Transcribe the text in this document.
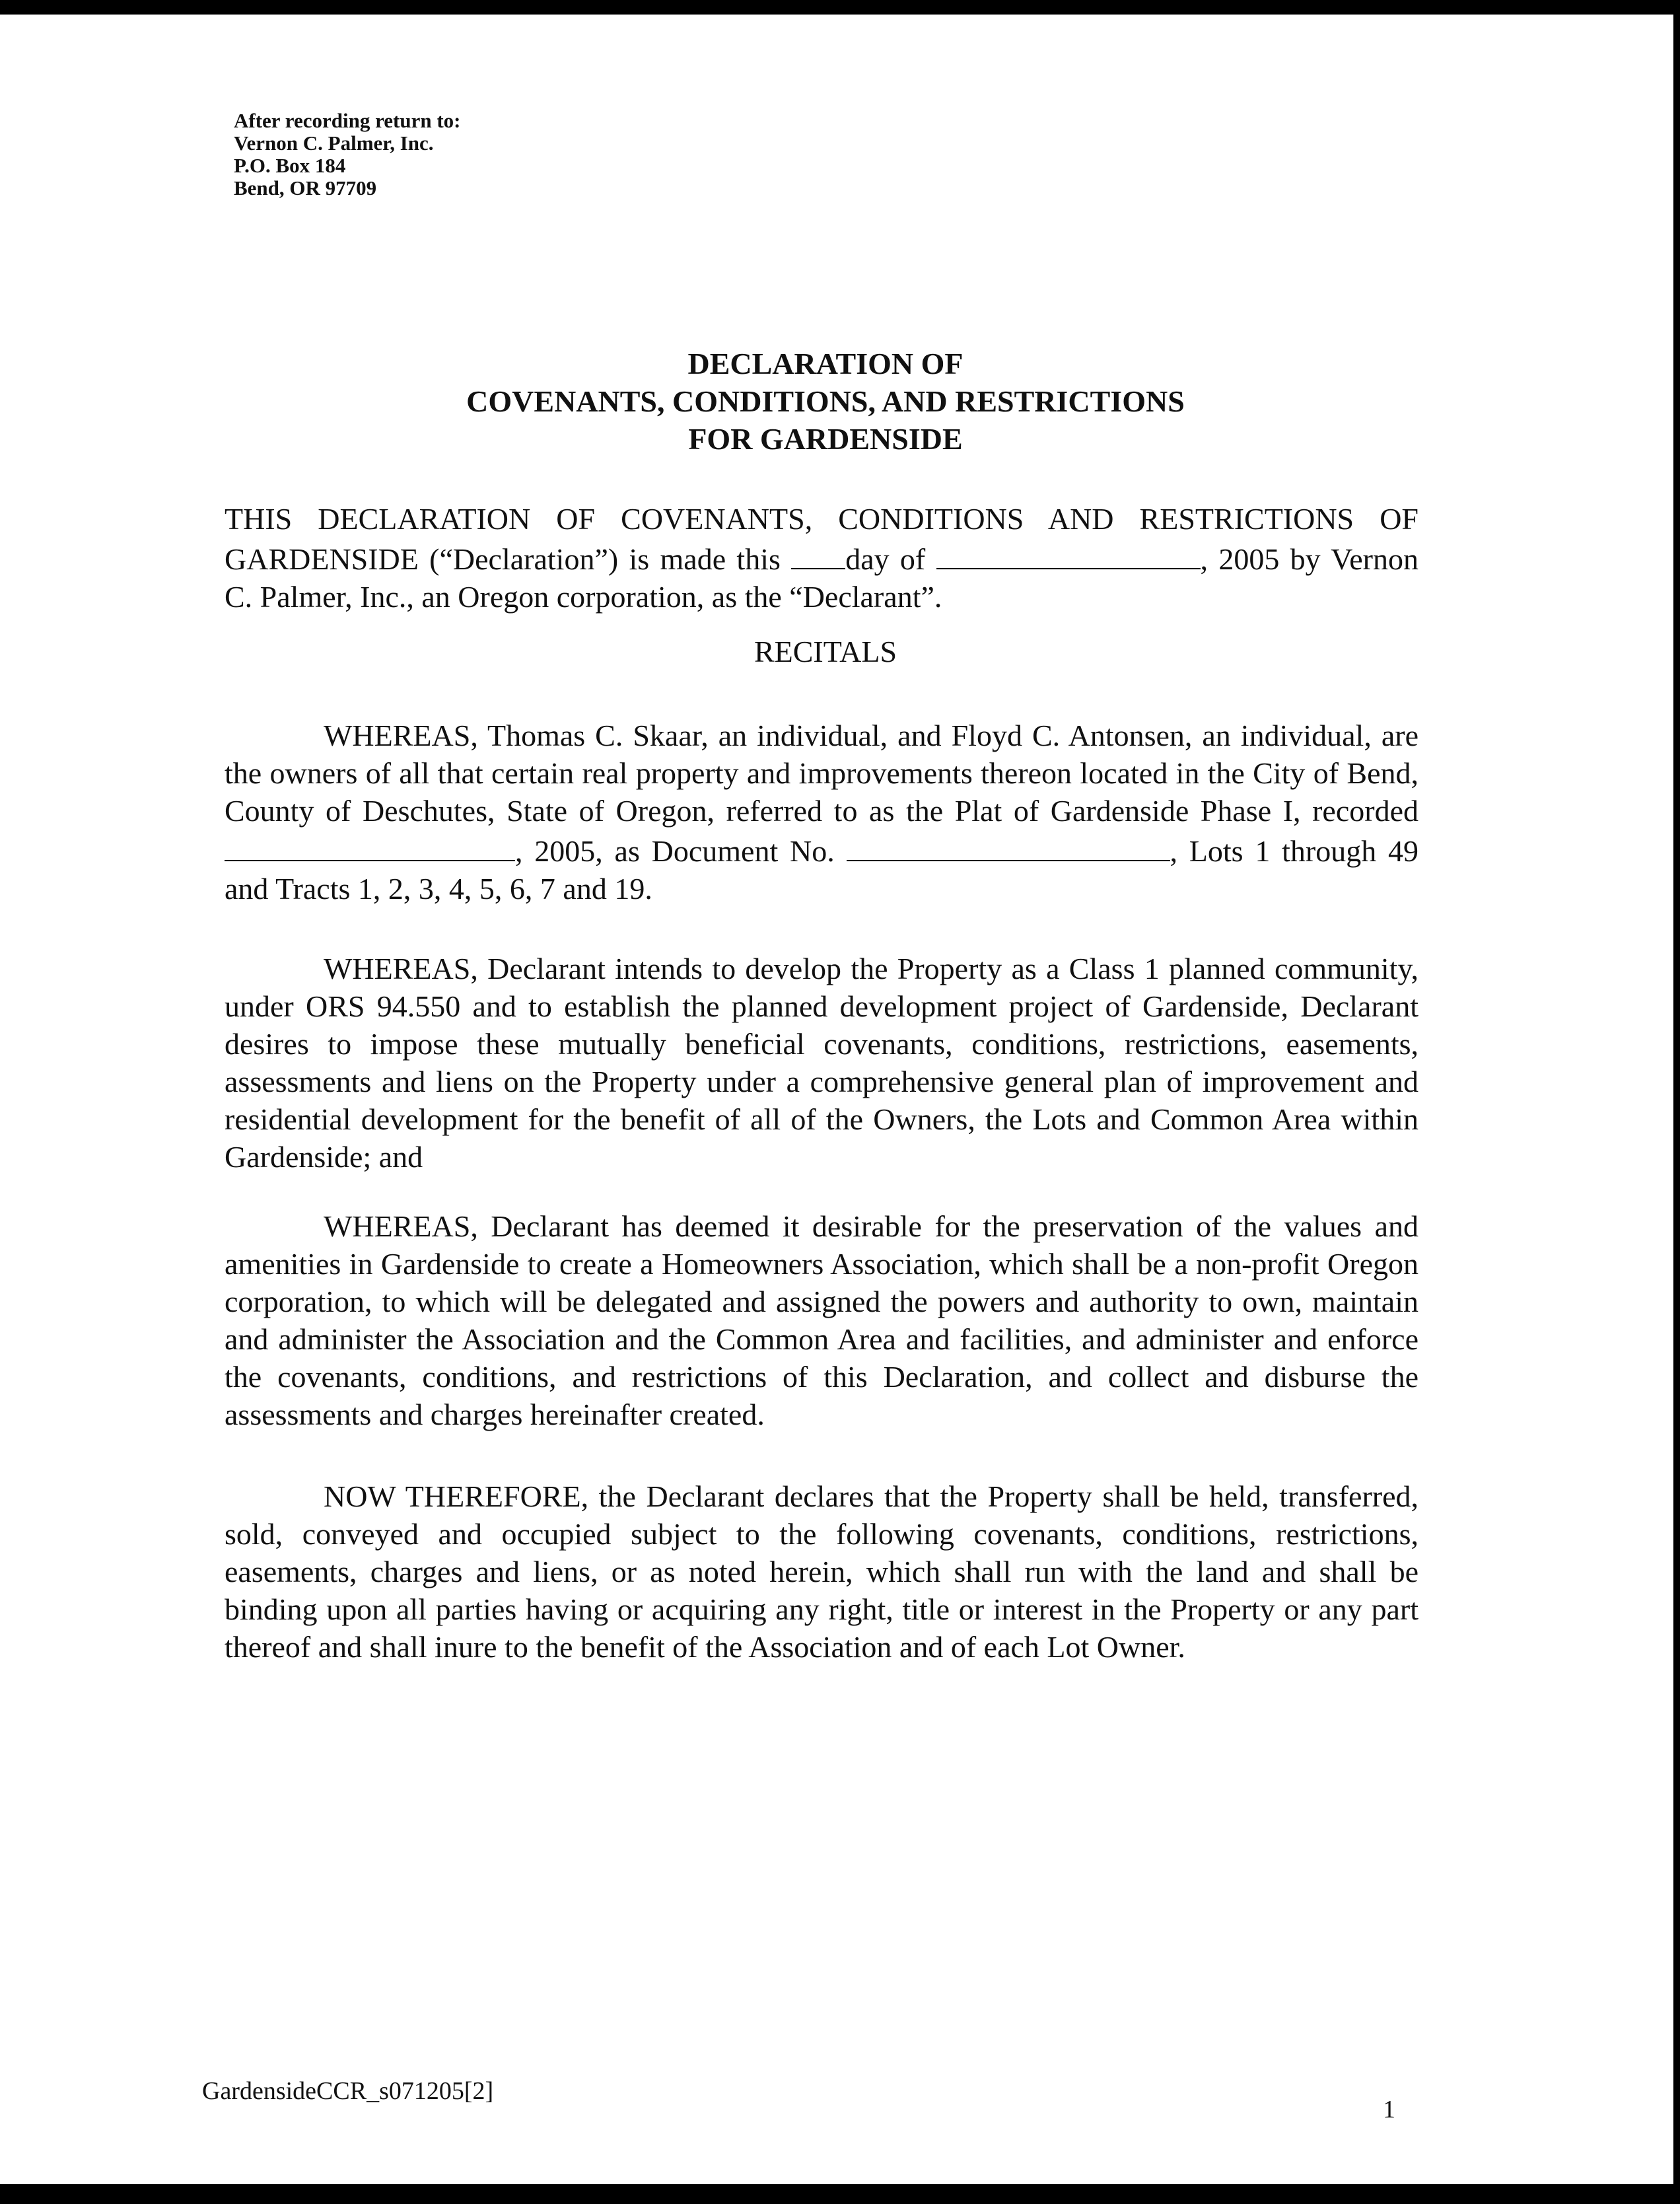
After recording return to:
Vernon C. Palmer, Inc.
P.O. Box 184
Bend, OR 97709
DECLARATION OF
COVENANTS, CONDITIONS, AND RESTRICTIONS
FOR GARDENSIDE
THIS DECLARATION OF COVENANTS, CONDITIONS AND RESTRICTIONS OF GARDENSIDE (“Declaration”) is made this day of	, 2005 by Vernon C. Palmer, Inc., an Oregon corporation, as the “Declarant”.
RECITALS
WHEREAS, Thomas C. Skaar, an individual, and Floyd C. Antonsen, an individual, are the owners of all that certain real property and improvements thereon located in the City of Bend, County of Deschutes, State of Oregon, referred to as the Plat of Gardenside Phase I, recorded , 2005, as Document No.	, Lots 1 through 49 and Tracts 1, 2, 3, 4, 5, 6, 7 and 19.
WHEREAS, Declarant intends to develop the Property as a Class 1 planned community, under ORS 94.550 and to establish the planned development project of Gardenside, Declarant desires to impose these mutually beneficial covenants, conditions, restrictions, easements, assessments and liens on the Property under a comprehensive general plan of improvement and residential development for the benefit of all of the Owners, the Lots and Common Area within Gardenside; and
WHEREAS, Declarant has deemed it desirable for the preservation of the values and amenities in Gardenside to create a Homeowners Association, which shall be a non-profit Oregon corporation, to which will be delegated and assigned the powers and authority to own, maintain and administer the Association and the Common Area and facilities, and administer and enforce the covenants, conditions, and restrictions of this Declaration, and collect and disburse the assessments and charges hereinafter created.
NOW THEREFORE, the Declarant declares that the Property shall be held, transferred, sold, conveyed and occupied subject to the following covenants, conditions, restrictions, easements, charges and liens, or as noted herein, which shall run with the land and shall be binding upon all parties having or acquiring any right, title or interest in the Property or any part thereof and shall inure to the benefit of the Association and of each Lot Owner.
GardensideCCR_s071205[2]
1
